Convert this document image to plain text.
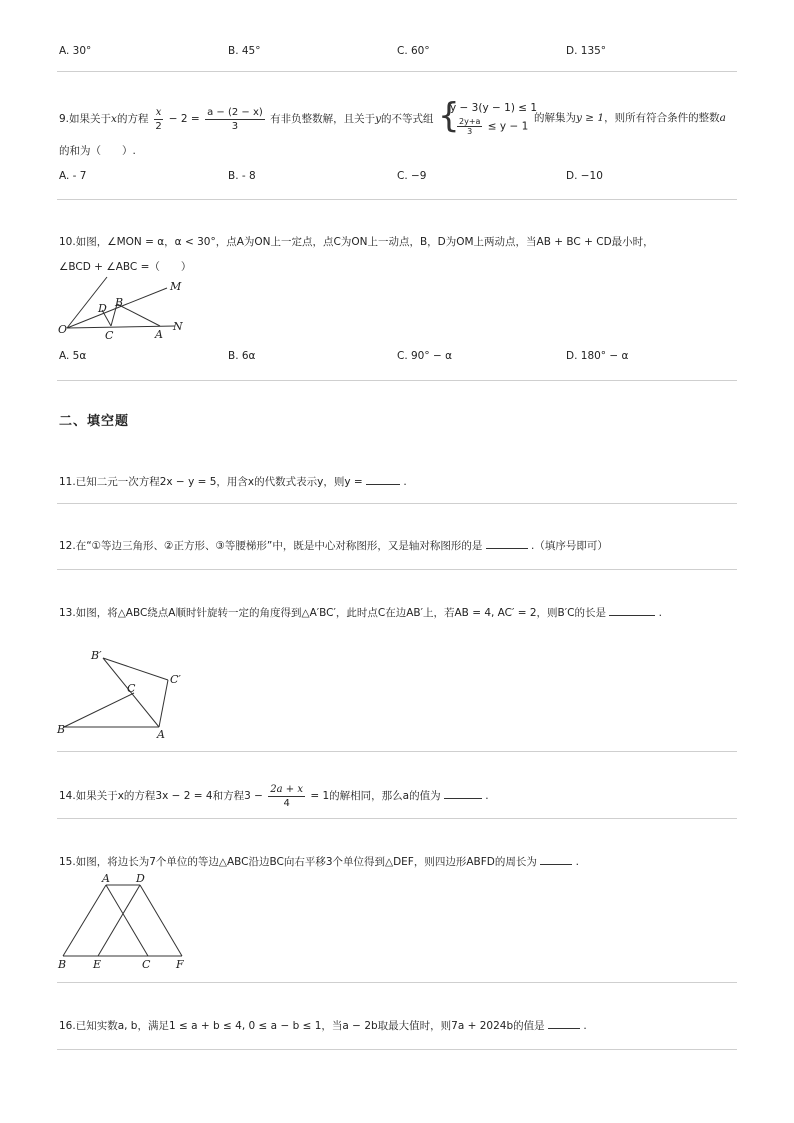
A. 30°	B. 45°	C. 60°	D. 135°
9.如果关于x的方程 $\frac{x}{2} - 2 = \frac{a - (2 - x)}{3}$ 有非负整数解，且关于y的不等式组 {
y − 3(y − 1) ≤ 1
$\frac{2y+a}{3} \le y - 1$
的解集为y ≥ 1，则所有符合条件的整数a
的和为（　　）.
A. - 7	B. - 8	C. −9	D. −10
10.如图，∠MON = α，α < 30°，点A为ON上一定点，点C为ON上一动点，B，D为OM上两动点，当AB + BC + CD最小时，
∠BCD + ∠ABC =（　　）
M
N
O	A
B
C
D
A. 5α	B. 6α	C. 90° − α	D. 180° − α
二、填空题
11.已知二元一次方程2x − y = 5，用含x的代数式表示y，则y =	.
12.在“①等边三角形、②正方形、③等腰梯形”中，既是中心对称图形，又是轴对称图形的是	.（填序号即可）
13.如图，将△ABC绕点A顺时针旋转一定的角度得到△A′BC′，此时点C在边AB′上，若AB = 4, AC′ = 2，则B′C的长是	.
B′
C′
C
B	A
14.如果关于x的方程3x − 2 = 4和方程$3 - \frac{2a + x}{4} = 1$的解相同，那么a的值为	.
15.如图，将边长为7个单位的等边△ABC沿边BC向右平移3个单位得到△DEF，则四边形ABFD的周长为	.
A D
B E	C F
16.已知实数a, b，满足1 ≤ a + b ≤ 4, 0 ≤ a − b ≤ 1，当a − 2b取最大值时，则7a + 2024b的值是	.
